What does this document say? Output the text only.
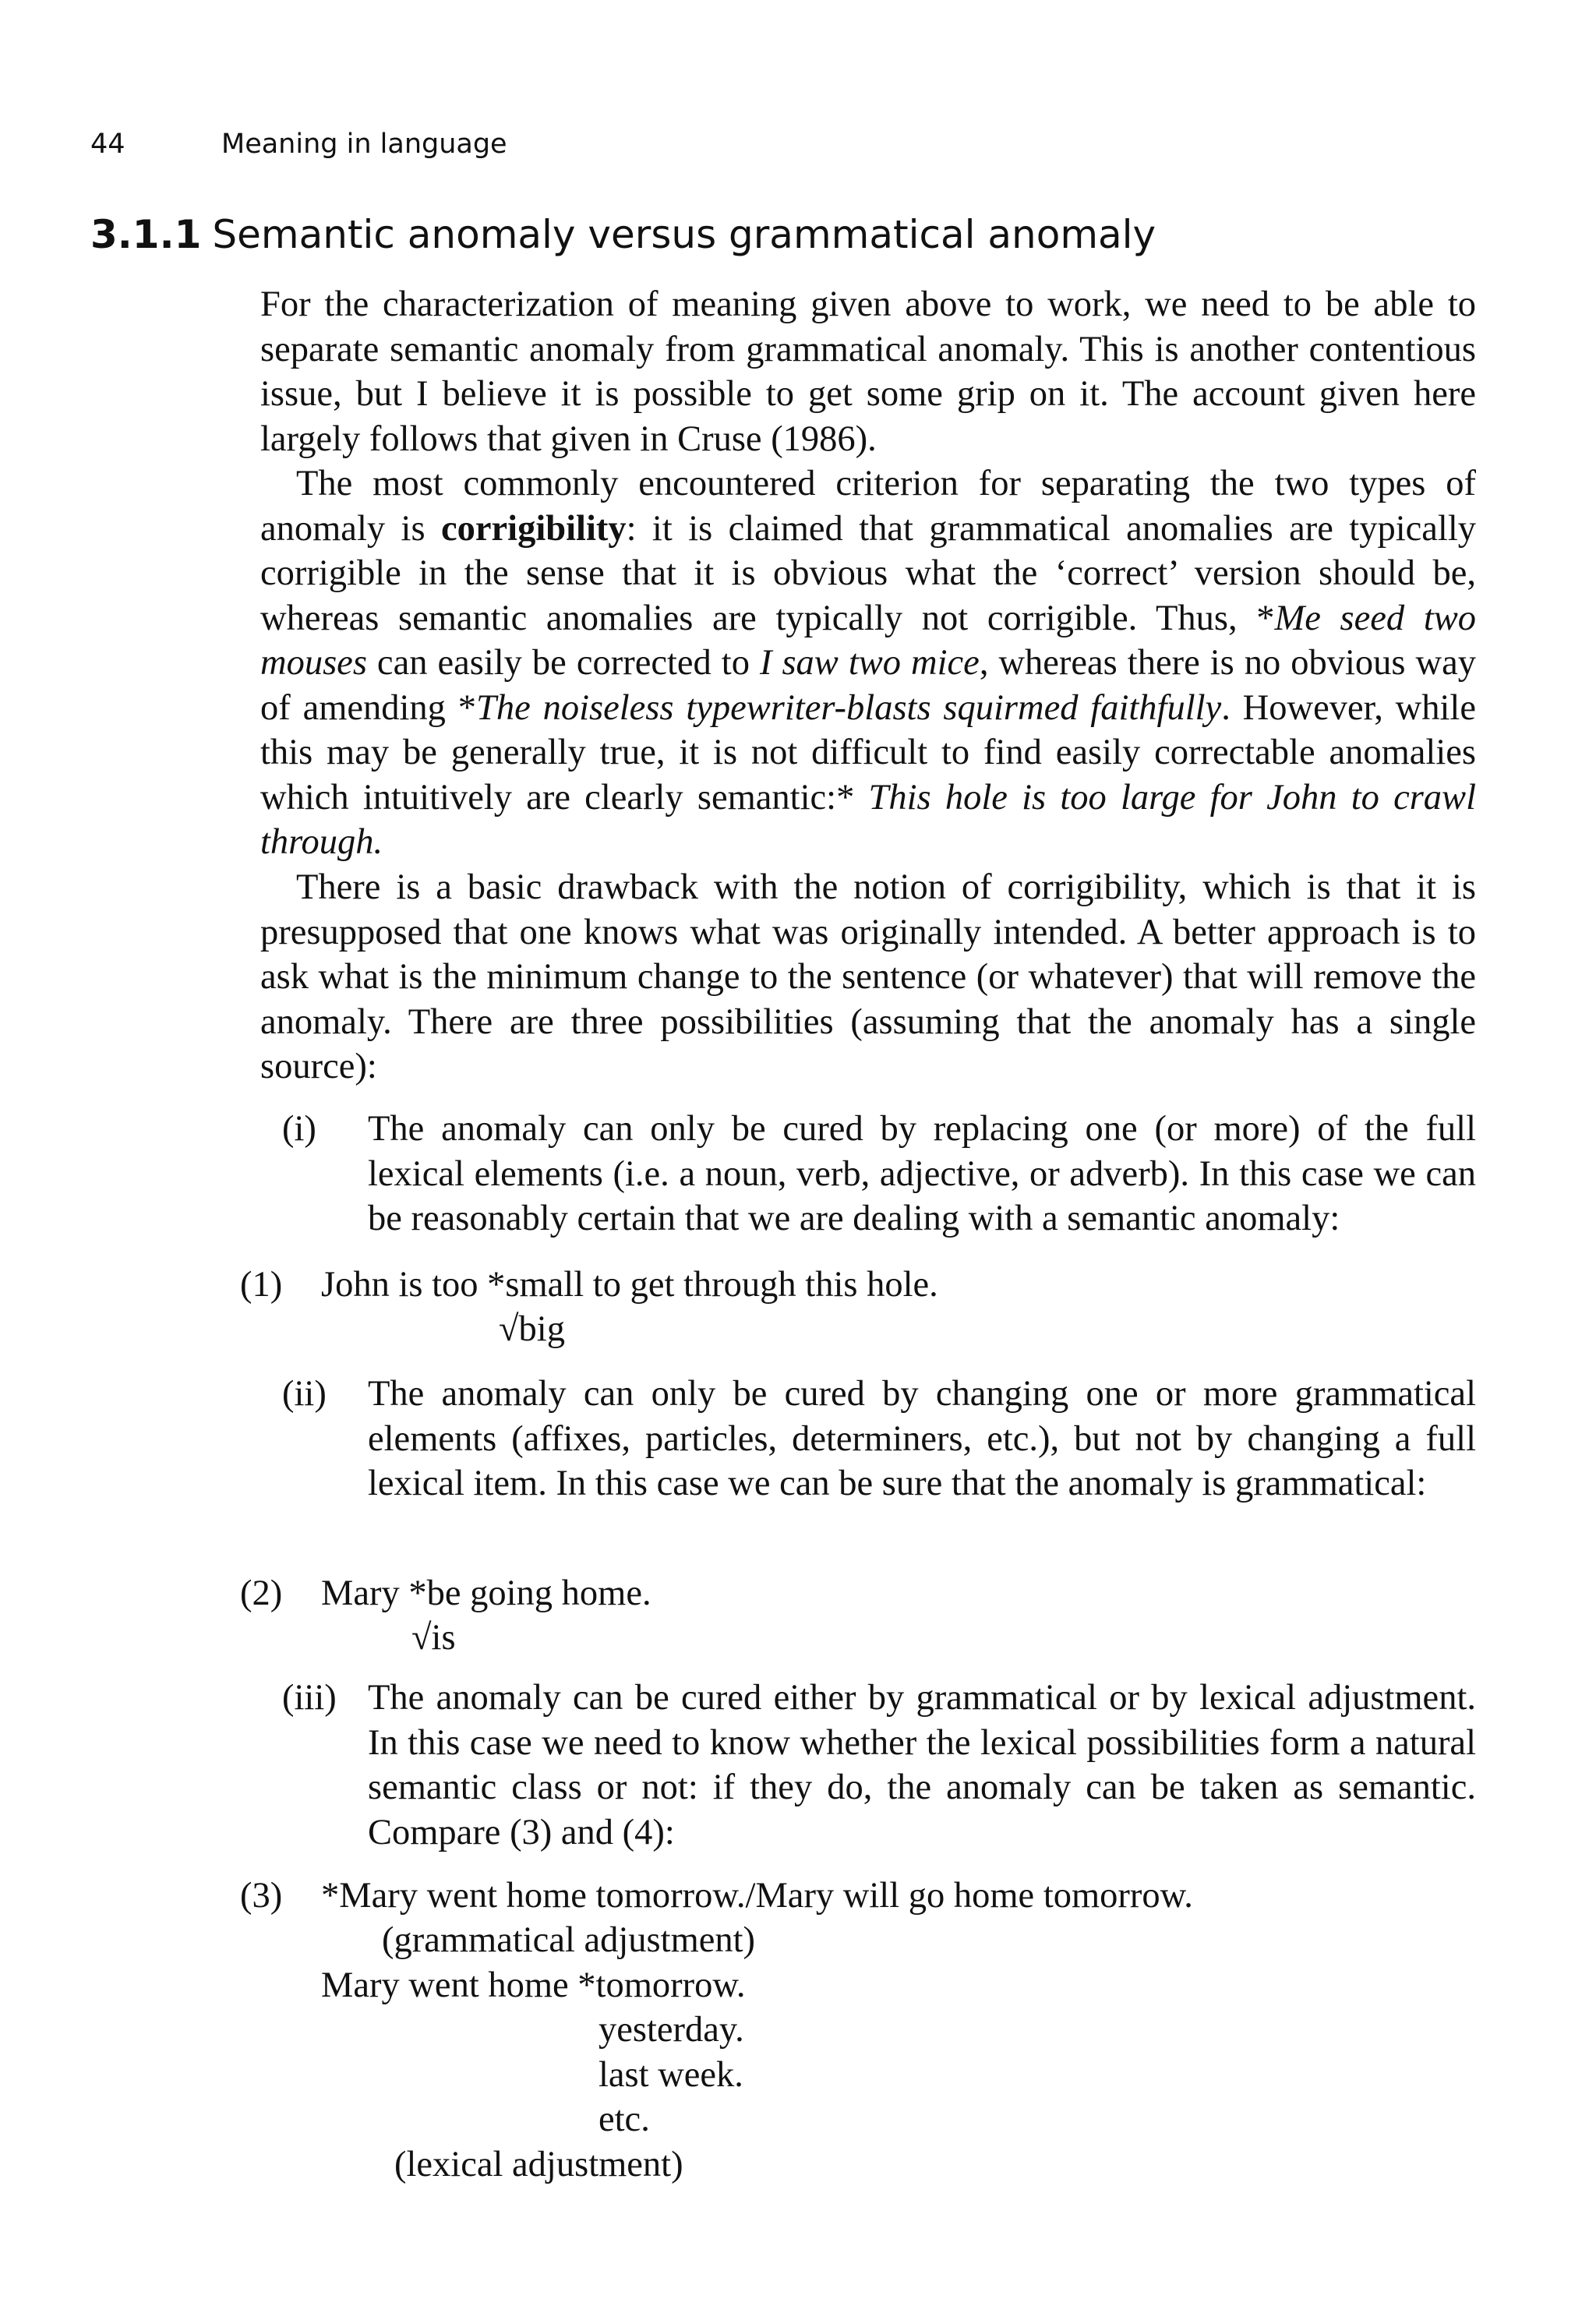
44	Meaning in language
3.1.1 Semantic anomaly versus grammatical anomaly

For the characterization of meaning given above to work, we need to be able to separate semantic anomaly from grammatical anomaly. This is another contentious issue, but I believe it is possible to get some grip on it. The account given here largely follows that given in Cruse (1986).

The most commonly encountered criterion for separating the two types of anomaly is corrigibility: it is claimed that grammatical anomalies are typically corrigible in the sense that it is obvious what the ‘correct’ version should be, whereas semantic anomalies are typically not corrigible. Thus, *Me seed two mouses can easily be corrected to I saw two mice, whereas there is no obvious way of amending *The noiseless typewriter-blasts squirmed faithfully. However, while this may be generally true, it is not difficult to find easily correctable anomalies which intuitively are clearly semantic:* This hole is too large for John to crawl through.

There is a basic drawback with the notion of corrigibility, which is that it is presupposed that one knows what was originally intended. A better approach is to ask what is the minimum change to the sentence (or whatever) that will remove the anomaly. There are three possibilities (assuming that the anomaly has a single source):

(i) The anomaly can only be cured by replacing one (or more) of the full lexical elements (i.e. a noun, verb, adjective, or adverb). In this case we can be reasonably certain that we are dealing with a semantic anomaly:
(1) John is too *small to get through this hole.
√big
(ii) The anomaly can only be cured by changing one or more grammatical elements (affixes, particles, determiners, etc.), but not by changing a full lexical item. In this case we can be sure that the anomaly is grammatical:
(2) Mary *be going home.
√is
(iii) The anomaly can be cured either by grammatical or by lexical adjustment. In this case we need to know whether the lexical possibilities form a natural semantic class or not: if they do, the anomaly can be taken as semantic. Compare (3) and (4):
(3) *Mary went home tomorrow./Mary will go home tomorrow.
(grammatical adjustment)
Mary went home *tomorrow.
yesterday.
last week.
etc.
(lexical adjustment)
